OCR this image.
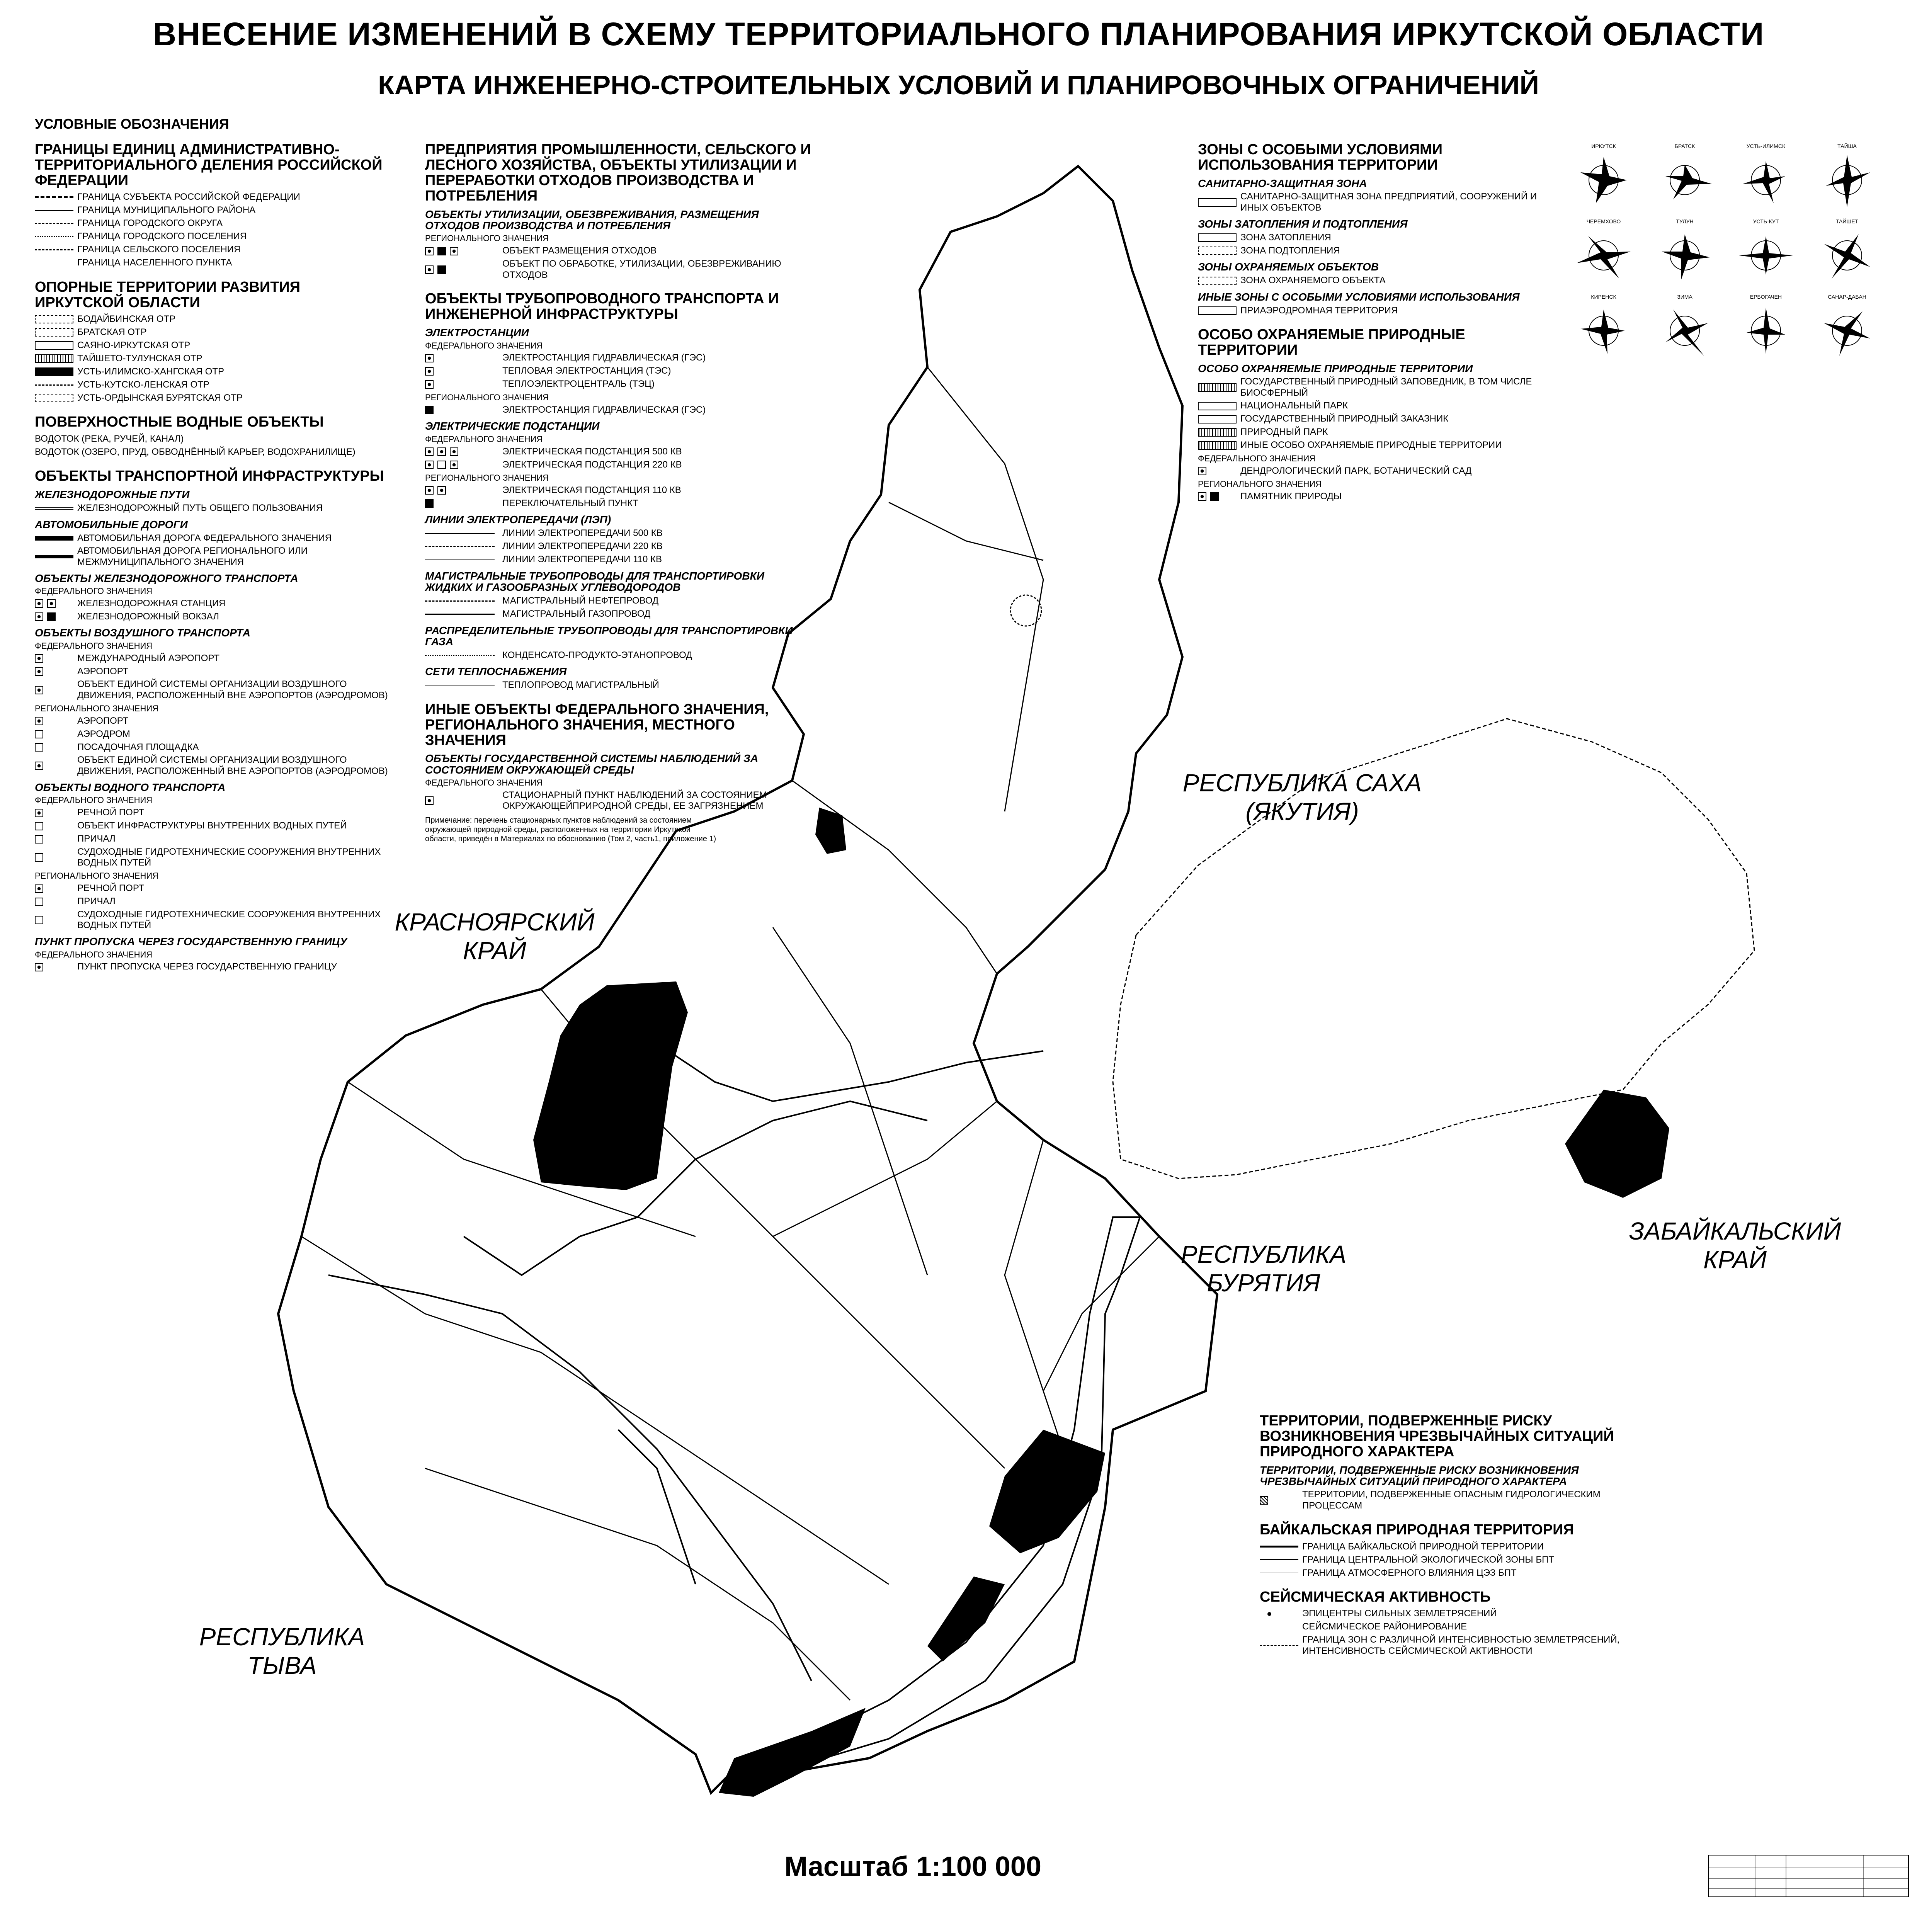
ВНЕСЕНИЕ ИЗМЕНЕНИЙ В СХЕМУ ТЕРРИТОРИАЛЬНОГО ПЛАНИРОВАНИЯ ИРКУТСКОЙ ОБЛАСТИ
КАРТА ИНЖЕНЕРНО-СТРОИТЕЛЬНЫХ УСЛОВИЙ И ПЛАНИРОВОЧНЫХ ОГРАНИЧЕНИЙ
УСЛОВНЫЕ ОБОЗНАЧЕНИЯ
РЕСПУБЛИКА САХА (ЯКУТИЯ)
КРАСНОЯРСКИЙ КРАЙ
ЗАБАЙКАЛЬСКИЙ КРАЙ
РЕСПУБЛИКА БУРЯТИЯ
РЕСПУБЛИКА ТЫВА
ГРАНИЦЫ ЕДИНИЦ АДМИНИСТРАТИВНО-ТЕРРИТОРИАЛЬНОГО ДЕЛЕНИЯ РОССИЙСКОЙ ФЕДЕРАЦИИ
ГРАНИЦА СУБЪЕКТА РОССИЙСКОЙ ФЕДЕРАЦИИ
ГРАНИЦА МУНИЦИПАЛЬНОГО РАЙОНА
ГРАНИЦА ГОРОДСКОГО ОКРУГА
ГРАНИЦА ГОРОДСКОГО ПОСЕЛЕНИЯ
ГРАНИЦА СЕЛЬСКОГО ПОСЕЛЕНИЯ
ГРАНИЦА НАСЕЛЕННОГО ПУНКТА
ОПОРНЫЕ ТЕРРИТОРИИ РАЗВИТИЯ ИРКУТСКОЙ ОБЛАСТИ
БОДАЙБИНСКАЯ ОТР
БРАТСКАЯ ОТР
САЯНО-ИРКУТСКАЯ ОТР
ТАЙШЕТО-ТУЛУНСКАЯ ОТР
УСТЬ-ИЛИМСКО-ХАНГСКАЯ ОТР
УСТЬ-КУТСКО-ЛЕНСКАЯ ОТР
УСТЬ-ОРДЫНСКАЯ БУРЯТСКАЯ ОТР
ПОВЕРХНОСТНЫЕ ВОДНЫЕ ОБЪЕКТЫ
ВОДОТОК (РЕКА, РУЧЕЙ, КАНАЛ)
ВОДОТОК (ОЗЕРО, ПРУД, ОБВОДНЁННЫЙ КАРЬЕР, ВОДОХРАНИЛИЩЕ)
ОБЪЕКТЫ ТРАНСПОРТНОЙ ИНФРАСТРУКТУРЫ
ЖЕЛЕЗНОДОРОЖНЫЕ ПУТИ
ЖЕЛЕЗНОДОРОЖНЫЙ ПУТЬ ОБЩЕГО ПОЛЬЗОВАНИЯ
АВТОМОБИЛЬНЫЕ ДОРОГИ
АВТОМОБИЛЬНАЯ ДОРОГА ФЕДЕРАЛЬНОГО ЗНАЧЕНИЯ
АВТОМОБИЛЬНАЯ ДОРОГА РЕГИОНАЛЬНОГО ИЛИ МЕЖМУНИЦИПАЛЬНОГО ЗНАЧЕНИЯ
ОБЪЕКТЫ ЖЕЛЕЗНОДОРОЖНОГО ТРАНСПОРТА
ФЕДЕРАЛЬНОГО ЗНАЧЕНИЯ
ЖЕЛЕЗНОДОРОЖНАЯ СТАНЦИЯ
ЖЕЛЕЗНОДОРОЖНЫЙ ВОКЗАЛ
ОБЪЕКТЫ ВОЗДУШНОГО ТРАНСПОРТА
ФЕДЕРАЛЬНОГО ЗНАЧЕНИЯ
МЕЖДУНАРОДНЫЙ АЭРОПОРТ
АЭРОПОРТ
ОБЪЕКТ ЕДИНОЙ СИСТЕМЫ ОРГАНИЗАЦИИ ВОЗДУШНОГО ДВИЖЕНИЯ, РАСПОЛОЖЕННЫЙ ВНЕ АЭРОПОРТОВ (АЭРОДРОМОВ)
РЕГИОНАЛЬНОГО ЗНАЧЕНИЯ
АЭРОПОРТ
АЭРОДРОМ
ПОСАДОЧНАЯ ПЛОЩАДКА
ОБЪЕКТ ЕДИНОЙ СИСТЕМЫ ОРГАНИЗАЦИИ ВОЗДУШНОГО ДВИЖЕНИЯ, РАСПОЛОЖЕННЫЙ ВНЕ АЭРОПОРТОВ (АЭРОДРОМОВ)
ОБЪЕКТЫ ВОДНОГО ТРАНСПОРТА
ФЕДЕРАЛЬНОГО ЗНАЧЕНИЯ
РЕЧНОЙ ПОРТ
ОБЪЕКТ ИНФРАСТРУКТУРЫ ВНУТРЕННИХ ВОДНЫХ ПУТЕЙ
ПРИЧАЛ
СУДОХОДНЫЕ ГИДРОТЕХНИЧЕСКИЕ СООРУЖЕНИЯ ВНУТРЕННИХ ВОДНЫХ ПУТЕЙ
РЕГИОНАЛЬНОГО ЗНАЧЕНИЯ
РЕЧНОЙ ПОРТ
ПРИЧАЛ
СУДОХОДНЫЕ ГИДРОТЕХНИЧЕСКИЕ СООРУЖЕНИЯ ВНУТРЕННИХ ВОДНЫХ ПУТЕЙ
ПУНКТ ПРОПУСКА ЧЕРЕЗ ГОСУДАРСТВЕННУЮ ГРАНИЦУ
ФЕДЕРАЛЬНОГО ЗНАЧЕНИЯ
ПУНКТ ПРОПУСКА ЧЕРЕЗ ГОСУДАРСТВЕННУЮ ГРАНИЦУ
ПРЕДПРИЯТИЯ ПРОМЫШЛЕННОСТИ, СЕЛЬСКОГО И ЛЕСНОГО ХОЗЯЙСТВА, ОБЪЕКТЫ УТИЛИЗАЦИИ И ПЕРЕРАБОТКИ ОТХОДОВ ПРОИЗВОДСТВА И ПОТРЕБЛЕНИЯ
ОБЪЕКТЫ УТИЛИЗАЦИИ, ОБЕЗВРЕЖИВАНИЯ, РАЗМЕЩЕНИЯ ОТХОДОВ ПРОИЗВОДСТВА И ПОТРЕБЛЕНИЯ
РЕГИОНАЛЬНОГО ЗНАЧЕНИЯ
ОБЪЕКТ РАЗМЕЩЕНИЯ ОТХОДОВ
ОБЪЕКТ ПО ОБРАБОТКЕ, УТИЛИЗАЦИИ, ОБЕЗВРЕЖИВАНИЮ ОТХОДОВ
ОБЪЕКТЫ ТРУБОПРОВОДНОГО ТРАНСПОРТА И ИНЖЕНЕРНОЙ ИНФРАСТРУКТУРЫ
ЭЛЕКТРОСТАНЦИИ
ФЕДЕРАЛЬНОГО ЗНАЧЕНИЯ
ЭЛЕКТРОСТАНЦИЯ ГИДРАВЛИЧЕСКАЯ (ГЭС)
ТЕПЛОВАЯ ЭЛЕКТРОСТАНЦИЯ (ТЭС)
ТЕПЛОЭЛЕКТРОЦЕНТРАЛЬ (ТЭЦ)
РЕГИОНАЛЬНОГО ЗНАЧЕНИЯ
ЭЛЕКТРОСТАНЦИЯ ГИДРАВЛИЧЕСКАЯ (ГЭС)
ЭЛЕКТРИЧЕСКИЕ ПОДСТАНЦИИ
ФЕДЕРАЛЬНОГО ЗНАЧЕНИЯ
ЭЛЕКТРИЧЕСКАЯ ПОДСТАНЦИЯ 500 КВ
ЭЛЕКТРИЧЕСКАЯ ПОДСТАНЦИЯ 220 КВ
РЕГИОНАЛЬНОГО ЗНАЧЕНИЯ
ЭЛЕКТРИЧЕСКАЯ ПОДСТАНЦИЯ 110 КВ
ПЕРЕКЛЮЧАТЕЛЬНЫЙ ПУНКТ
ЛИНИИ ЭЛЕКТРОПЕРЕДАЧИ (ЛЭП)
ЛИНИИ ЭЛЕКТРОПЕРЕДАЧИ 500 КВ
ЛИНИИ ЭЛЕКТРОПЕРЕДАЧИ 220 КВ
ЛИНИИ ЭЛЕКТРОПЕРЕДАЧИ 110 КВ
МАГИСТРАЛЬНЫЕ ТРУБОПРОВОДЫ ДЛЯ ТРАНСПОРТИРОВКИ ЖИДКИХ И ГАЗООБРАЗНЫХ УГЛЕВОДОРОДОВ
МАГИСТРАЛЬНЫЙ НЕФТЕПРОВОД
МАГИСТРАЛЬНЫЙ ГАЗОПРОВОД
РАСПРЕДЕЛИТЕЛЬНЫЕ ТРУБОПРОВОДЫ ДЛЯ ТРАНСПОРТИРОВКИ ГАЗА
КОНДЕНСАТО-ПРОДУКТО-ЭТАНОПРОВОД
СЕТИ ТЕПЛОСНАБЖЕНИЯ
ТЕПЛОПРОВОД МАГИСТРАЛЬНЫЙ
ИНЫЕ ОБЪЕКТЫ ФЕДЕРАЛЬНОГО ЗНАЧЕНИЯ, РЕГИОНАЛЬНОГО ЗНАЧЕНИЯ, МЕСТНОГО ЗНАЧЕНИЯ
ОБЪЕКТЫ ГОСУДАРСТВЕННОЙ СИСТЕМЫ НАБЛЮДЕНИЙ ЗА СОСТОЯНИЕМ ОКРУЖАЮЩЕЙ СРЕДЫ
ФЕДЕРАЛЬНОГО ЗНАЧЕНИЯ
СТАЦИОНАРНЫЙ ПУНКТ НАБЛЮДЕНИЙ ЗА СОСТОЯНИЕМ ОКРУЖАЮЩЕЙПРИРОДНОЙ СРЕДЫ, ЕЕ ЗАГРЯЗНЕНИЕМ
Примечание: перечень стационарных пунктов наблюдений за состоянием окружающей природной среды, расположенных на территории Иркутской области, приведён в Материалах по обоснованию (Том 2, часть1, приложение 1)
ЗОНЫ С ОСОБЫМИ УСЛОВИЯМИ ИСПОЛЬЗОВАНИЯ ТЕРРИТОРИИ
САНИТАРНО-ЗАЩИТНАЯ ЗОНА
САНИТАРНО-ЗАЩИТНАЯ ЗОНА ПРЕДПРИЯТИЙ, СООРУЖЕНИЙ И ИНЫХ ОБЪЕКТОВ
ЗОНЫ ЗАТОПЛЕНИЯ И ПОДТОПЛЕНИЯ
ЗОНА ЗАТОПЛЕНИЯ
ЗОНА ПОДТОПЛЕНИЯ
ЗОНЫ ОХРАНЯЕМЫХ ОБЪЕКТОВ
ЗОНА ОХРАНЯЕМОГО ОБЪЕКТА
ИНЫЕ ЗОНЫ С ОСОБЫМИ УСЛОВИЯМИ ИСПОЛЬЗОВАНИЯ
ПРИАЭРОДРОМНАЯ ТЕРРИТОРИЯ
ОСОБО ОХРАНЯЕМЫЕ ПРИРОДНЫЕ ТЕРРИТОРИИ
ОСОБО ОХРАНЯЕМЫЕ ПРИРОДНЫЕ ТЕРРИТОРИИ
ГОСУДАРСТВЕННЫЙ ПРИРОДНЫЙ ЗАПОВЕДНИК, В ТОМ ЧИСЛЕ БИОСФЕРНЫЙ
НАЦИОНАЛЬНЫЙ ПАРК
ГОСУДАРСТВЕННЫЙ ПРИРОДНЫЙ ЗАКАЗНИК
ПРИРОДНЫЙ ПАРК
ИНЫЕ ОСОБО ОХРАНЯЕМЫЕ ПРИРОДНЫЕ ТЕРРИТОРИИ
ФЕДЕРАЛЬНОГО ЗНАЧЕНИЯ
ДЕНДРОЛОГИЧЕСКИЙ ПАРК, БОТАНИЧЕСКИЙ САД
РЕГИОНАЛЬНОГО ЗНАЧЕНИЯ
ПАМЯТНИК ПРИРОДЫ
ИРКУТСК	БРАТСК	УСТЬ-ИЛИМСК	ТАЙША
ЧЕРЕМХОВО	ТУЛУН	УСТЬ-КУТ	ТАЙШЕТ
КИРЕНСК	ЗИМА	ЕРБОГАЧЕН	САНАР-ДАБАН
ТЕРРИТОРИИ, ПОДВЕРЖЕННЫЕ РИСКУ ВОЗНИКНОВЕНИЯ ЧРЕЗВЫЧАЙНЫХ СИТУАЦИЙ ПРИРОДНОГО ХАРАКТЕРА
ТЕРРИТОРИИ, ПОДВЕРЖЕННЫЕ РИСКУ ВОЗНИКНОВЕНИЯ ЧРЕЗВЫЧАЙНЫХ СИТУАЦИЙ ПРИРОДНОГО ХАРАКТЕРА
ТЕРРИТОРИИ, ПОДВЕРЖЕННЫЕ ОПАСНЫМ ГИДРОЛОГИЧЕСКИМ ПРОЦЕССАМ
БАЙКАЛЬСКАЯ ПРИРОДНАЯ ТЕРРИТОРИЯ
ГРАНИЦА БАЙКАЛЬСКОЙ ПРИРОДНОЙ ТЕРРИТОРИИ
ГРАНИЦА ЦЕНТРАЛЬНОЙ ЭКОЛОГИЧЕСКОЙ ЗОНЫ БПТ
ГРАНИЦА АТМОСФЕРНОГО ВЛИЯНИЯ ЦЭЗ БПТ
СЕЙСМИЧЕСКАЯ АКТИВНОСТЬ
ЭПИЦЕНТРЫ СИЛЬНЫХ ЗЕМЛЕТРЯСЕНИЙ
СЕЙСМИЧЕСКОЕ РАЙОНИРОВАНИЕ
ГРАНИЦА ЗОН С РАЗЛИЧНОЙ ИНТЕНСИВНОСТЬЮ ЗЕМЛЕТРЯСЕНИЙ, ИНТЕНСИВНОСТЬ СЕЙСМИЧЕСКОЙ АКТИВНОСТИ
Масштаб 1:100 000
